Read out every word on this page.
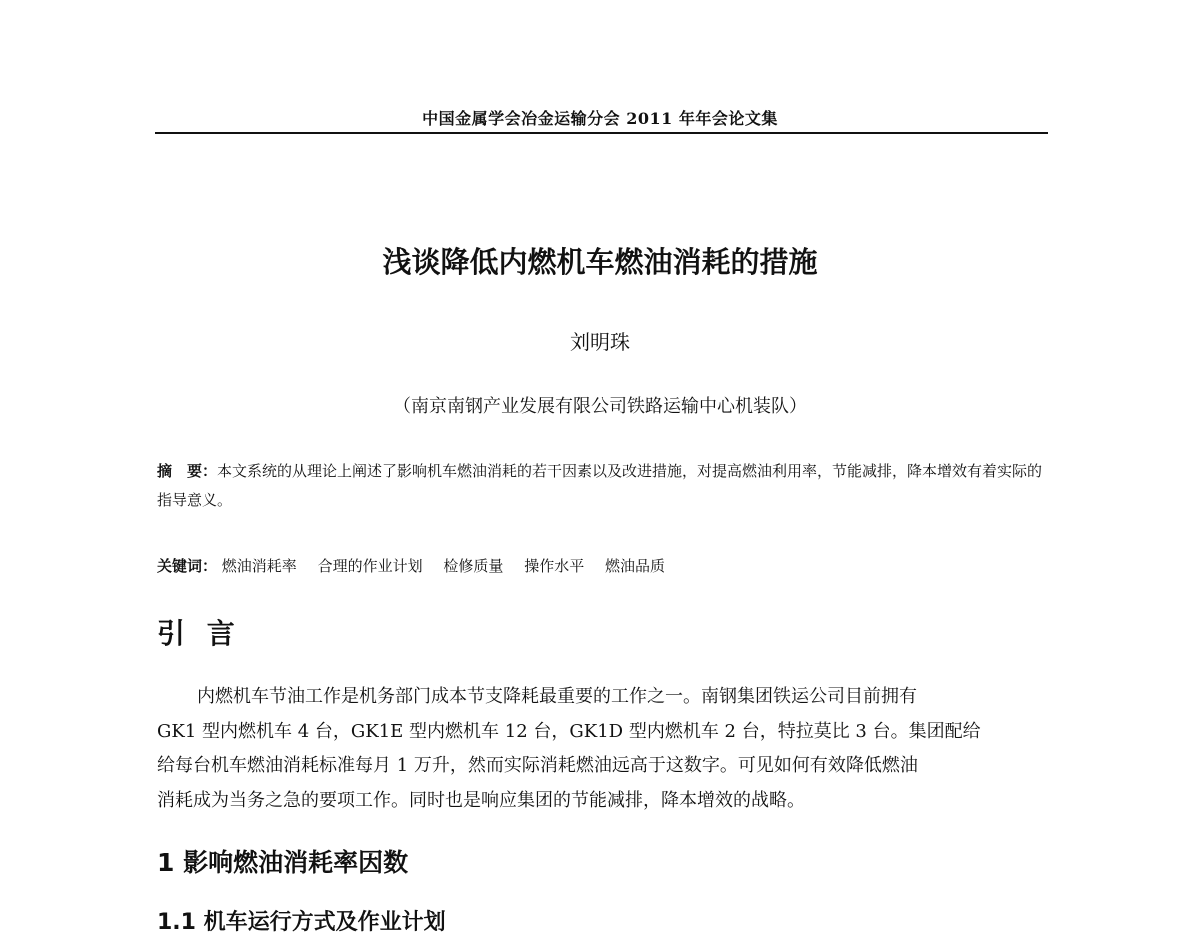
中国金属学会冶金运输分会 2011 年年会论文集
浅谈降低内燃机车燃油消耗的措施
刘明珠
（南京南钢产业发展有限公司铁路运输中心机装队）
摘　要：本文系统的从理论上阐述了影响机车燃油消耗的若干因素以及改进措施，对提高燃油利用率，节能减排，降本增效有着实际的指导意义。
关键词： 燃油消耗率 合理的作业计划 检修质量 操作水平 燃油品质
引 言
内燃机车节油工作是机务部门成本节支降耗最重要的工作之一。南钢集团铁运公司目前拥有
GK1 型内燃机车 4 台，GK1E 型内燃机车 12 台，GK1D 型内燃机车 2 台，特拉莫比 3 台。集团配给
给每台机车燃油消耗标准每月 1 万升，然而实际消耗燃油远高于这数字。可见如何有效降低燃油
消耗成为当务之急的要项工作。同时也是响应集团的节能减排，降本增效的战略。
1 影响燃油消耗率因数
1.1 机车运行方式及作业计划
